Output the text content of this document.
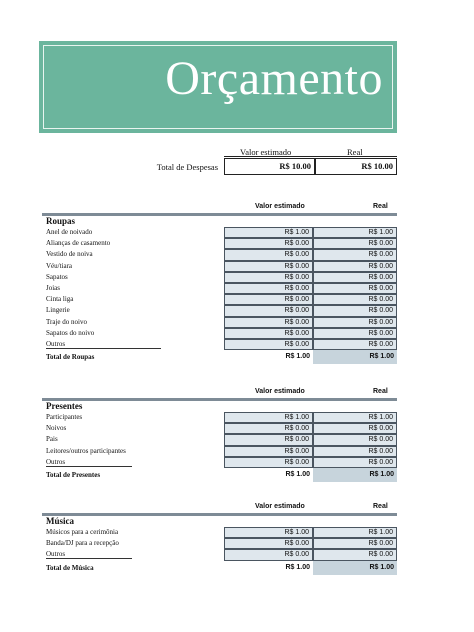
Orçamento
Valor estimado	Real
Total de Despesas	R$ 10.00	R$ 10.00
Valor estimado	Real
Roupas
Anel de noivado	R$ 1.00	R$ 1.00
Alianças de casamento	R$ 0.00	R$ 0.00
Vestido de noiva	R$ 0.00	R$ 0.00
Véu/tiara	R$ 0.00	R$ 0.00
Sapatos	R$ 0.00	R$ 0.00
Joias	R$ 0.00	R$ 0.00
Cinta liga	R$ 0.00	R$ 0.00
Lingerie	R$ 0.00	R$ 0.00
Traje do noivo	R$ 0.00	R$ 0.00
Sapatos do noivo	R$ 0.00	R$ 0.00
Outros	R$ 0.00	R$ 0.00
Total de Roupas	R$ 1.00	R$ 1.00
Valor estimado	Real
Presentes
Participantes	R$ 1.00	R$ 1.00
Noivos	R$ 0.00	R$ 0.00
Pais	R$ 0.00	R$ 0.00
Leitores/outros participantes	R$ 0.00	R$ 0.00
Outros	R$ 0.00	R$ 0.00
Total de Presentes	R$ 1.00	R$ 1.00
Valor estimado	Real
Música
Músicos para a cerimônia	R$ 1.00	R$ 1.00
Banda/DJ para a recepção	R$ 0.00	R$ 0.00
Outros	R$ 0.00	R$ 0.00
Total de Música	R$ 1.00	R$ 1.00
